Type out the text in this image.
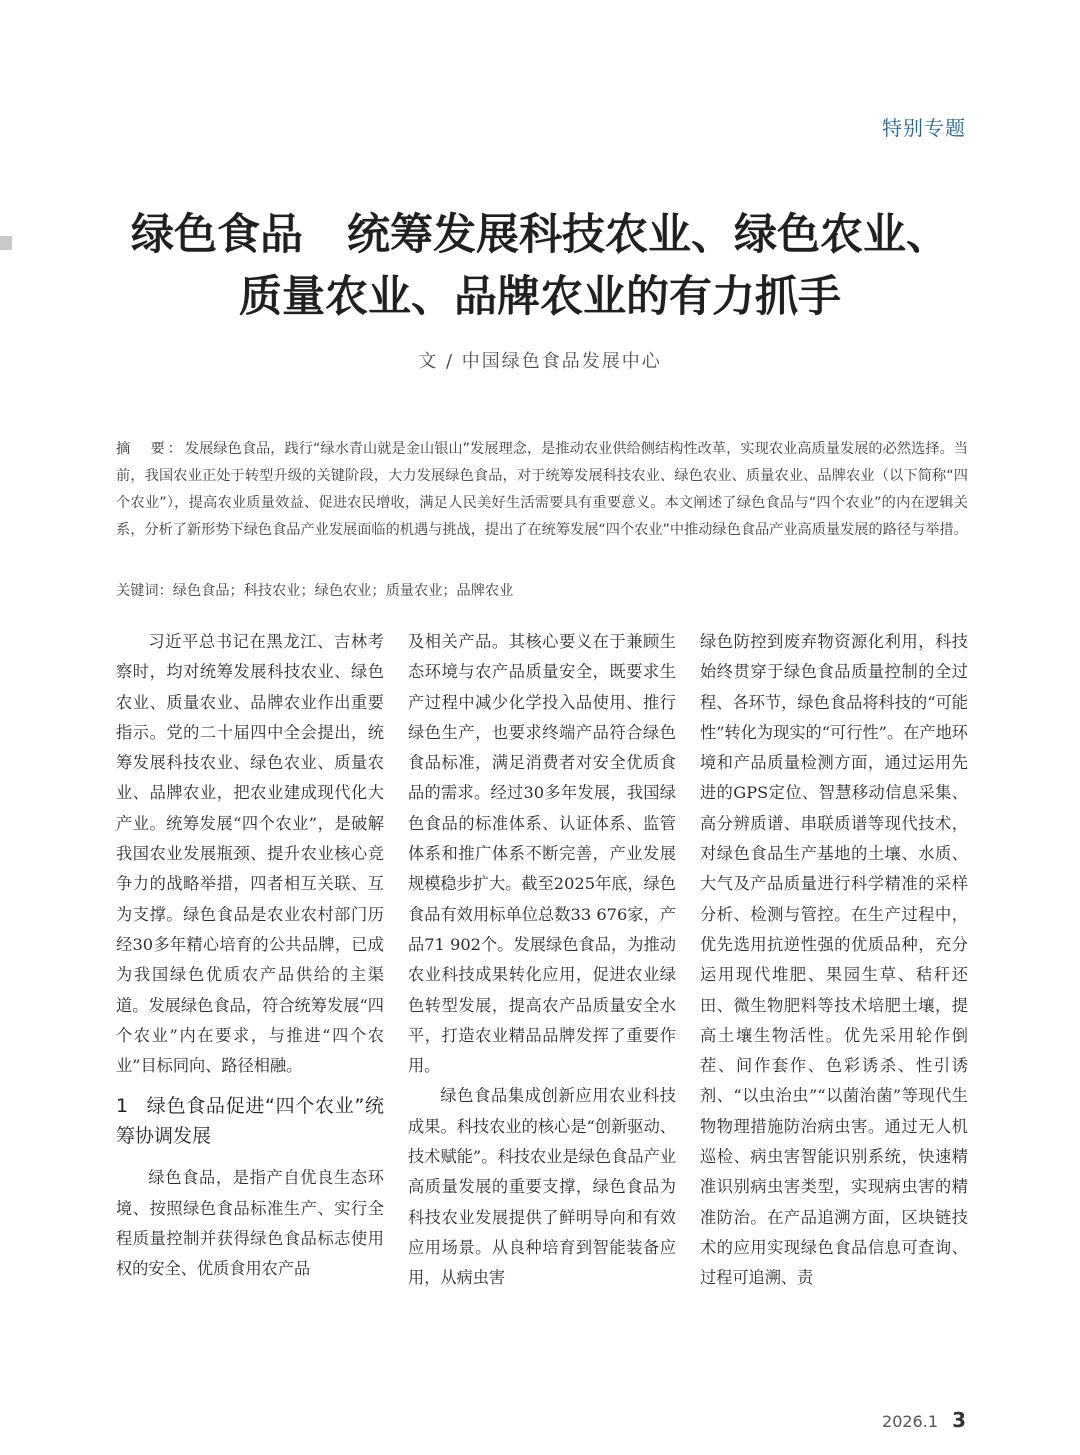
特别专题
绿色食品 统筹发展科技农业、绿色农业、
质量农业、品牌农业的有力抓手
文 / 中国绿色食品发展中心
摘　要：发展绿色食品，践行“绿水青山就是金山银山”发展理念，是推动农业供给侧结构性改革，实现农业高质量发展的必然选择。当前，我国农业正处于转型升级的关键阶段，大力发展绿色食品，对于统筹发展科技农业、绿色农业、质量农业、品牌农业（以下简称“四个农业”），提高农业质量效益、促进农民增收，满足人民美好生活需要具有重要意义。本文阐述了绿色食品与“四个农业”的内在逻辑关系，分析了新形势下绿色食品产业发展面临的机遇与挑战，提出了在统筹发展“四个农业”中推动绿色食品产业高质量发展的路径与举措。
关键词：绿色食品；科技农业；绿色农业；质量农业；品牌农业

习近平总书记在黑龙江、吉林考察时，均对统筹发展科技农业、绿色农业、质量农业、品牌农业作出重要指示。党的二十届四中全会提出，统筹发展科技农业、绿色农业、质量农业、品牌农业，把农业建成现代化大产业。统筹发展“四个农业”，是破解我国农业发展瓶颈、提升农业核心竞争力的战略举措，四者相互关联、互为支撑。绿色食品是农业农村部门历经30多年精心培育的公共品牌，已成为我国绿色优质农产品供给的主渠道。发展绿色食品，符合统筹发展“四个农业”内在要求，与推进“四个农业”目标同向、路径相融。

1 绿色食品促进“四个农业”统筹协调发展

绿色食品，是指产自优良生态环境、按照绿色食品标准生产、实行全程质量控制并获得绿色食品标志使用权的安全、优质食用农产品

及相关产品。其核心要义在于兼顾生态环境与农产品质量安全，既要求生产过程中减少化学投入品使用、推行绿色生产，也要求终端产品符合绿色食品标准，满足消费者对安全优质食品的需求。经过30多年发展，我国绿色食品的标准体系、认证体系、监管体系和推广体系不断完善，产业发展规模稳步扩大。截至2025年底，绿色食品有效用标单位总数33 676家，产品71 902个。发展绿色食品，为推动农业科技成果转化应用，促进农业绿色转型发展，提高农产品质量安全水平，打造农业精品品牌发挥了重要作用。

绿色食品集成创新应用农业科技成果。科技农业的核心是“创新驱动、技术赋能”。科技农业是绿色食品产业高质量发展的重要支撑，绿色食品为科技农业发展提供了鲜明导向和有效应用场景。从良种培育到智能装备应用，从病虫害

绿色防控到废弃物资源化利用，科技始终贯穿于绿色食品质量控制的全过程、各环节，绿色食品将科技的“可能性”转化为现实的“可行性”。在产地环境和产品质量检测方面，通过运用先进的GPS定位、智慧移动信息采集、高分辨质谱、串联质谱等现代技术，对绿色食品生产基地的土壤、水质、大气及产品质量进行科学精准的采样分析、检测与管控。在生产过程中，优先选用抗逆性强的优质品种，充分运用现代堆肥、果园生草、秸秆还田、微生物肥料等技术培肥土壤，提高土壤生物活性。优先采用轮作倒茬、间作套作、色彩诱杀、性引诱剂、“以虫治虫”“以菌治菌”等现代生物物理措施防治病虫害。通过无人机巡检、病虫害智能识别系统，快速精准识别病虫害类型，实现病虫害的精准防治。在产品追溯方面，区块链技术的应用实现绿色食品信息可查询、过程可追溯、责

2026.1 3
